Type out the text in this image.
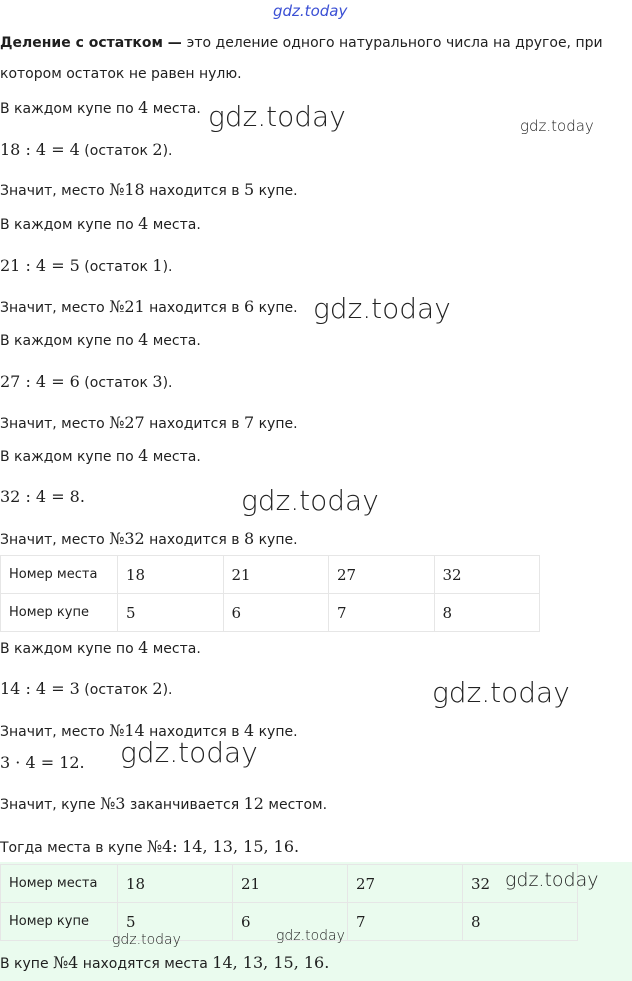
gdz.today
gdz.today	gdz.today
gdz.today
gdz.today
gdz.today
gdz.today
Деление с остатком — это деление одного натурального числа на другое, при
котором остаток не равен нулю.
В каждом купе по 4 места.
18 : 4 = 4 (остаток 2).
Значит, место №18 находится в 5 купе.
В каждом купе по 4 места.
21 : 4 = 5 (остаток 1).
Значит, место №21 находится в 6 купе.
В каждом купе по 4 места.
27 : 4 = 6 (остаток 3).
Значит, место №27 находится в 7 купе.
В каждом купе по 4 места.
32 : 4 = 8.
Значит, место №32 находится в 8 купе.
Номер места	18	21	27	32
Номер купе	5	6	7	8
В каждом купе по 4 места.
14 : 4 = 3 (остаток 2).
Значит, место №14 находится в 4 купе.
3 · 4 = 12.
Значит, купе №3 заканчивается 12 местом.
Тогда места в купе №4: 14, 13, 15, 16.
Номер места	18	21	27	32
Номер купе	5	6	7	8
gdz.today
gdz.today	gdz.today
В купе №4 находятся места 14, 13, 15, 16.
